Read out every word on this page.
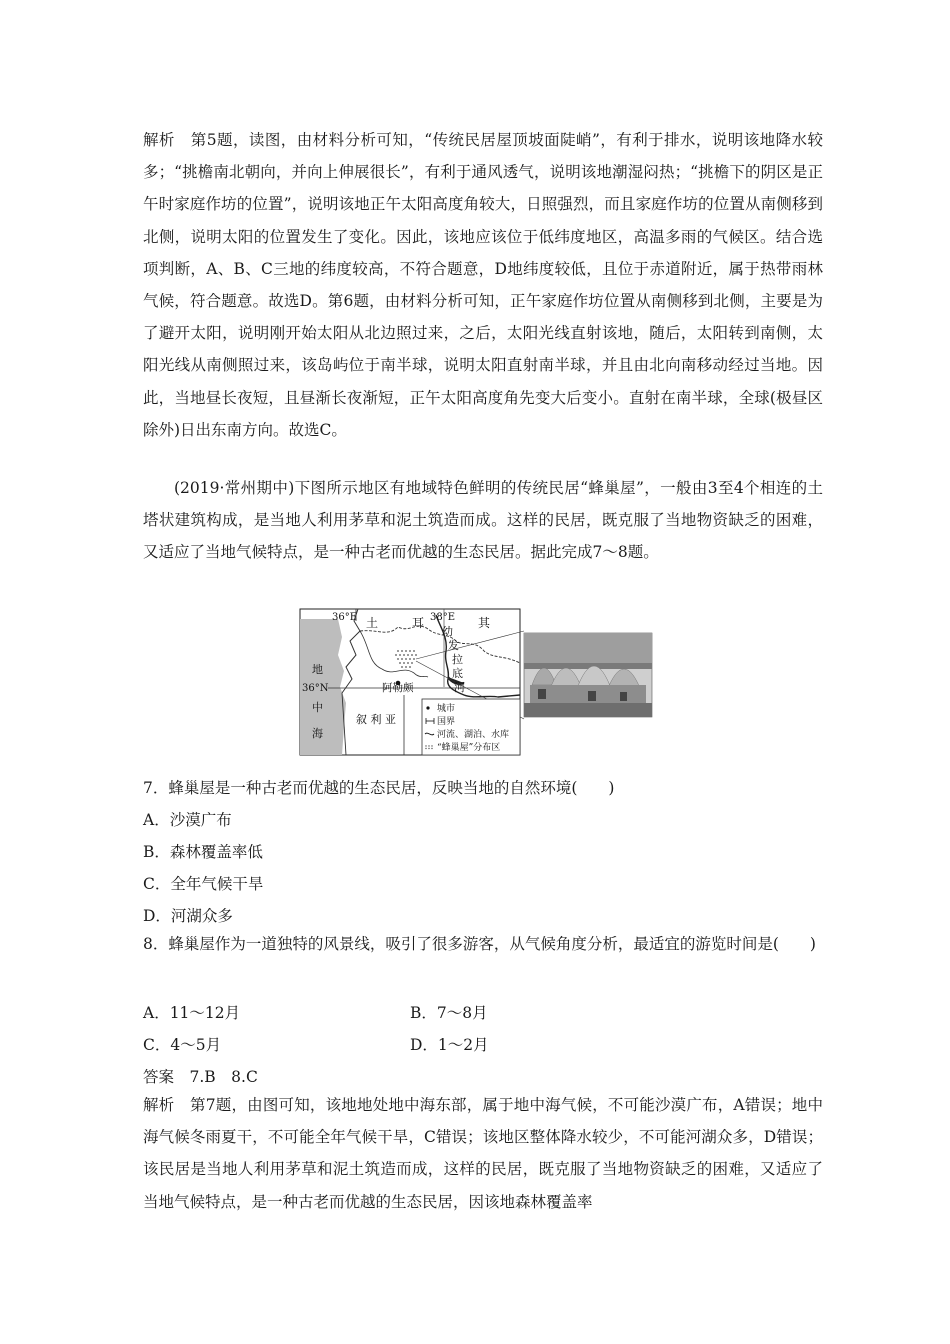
解析　第5题，读图，由材料分析可知，“传统民居屋顶坡面陡峭”，有利于排水，说明该地降水较多；“挑檐南北朝向，并向上伸展很长”，有利于通风透气，说明该地潮湿闷热；“挑檐下的阴区是正午时家庭作坊的位置”，说明该地正午太阳高度角较大，日照强烈，而且家庭作坊的位置从南侧移到北侧，说明太阳的位置发生了变化。因此，该地应该位于低纬度地区，高温多雨的气候区。结合选项判断，A、B、C三地的纬度较高，不符合题意，D地纬度较低，且位于赤道附近，属于热带雨林气候，符合题意。故选D。第6题，由材料分析可知，正午家庭作坊位置从南侧移到北侧，主要是为了避开太阳，说明刚开始太阳从北边照过来，之后，太阳光线直射该地，随后，太阳转到南侧，太阳光线从南侧照过来，该岛屿位于南半球，说明太阳直射南半球，并且由北向南移动经过当地。因此，当地昼长夜短，且昼渐长夜渐短，正午太阳高度角先变大后变小。直射在南半球，全球(极昼区除外)日出东南方向。故选C。

(2019·常州期中)下图所示地区有地域特色鲜明的传统民居“蜂巢屋”，一般由3至4个相连的土塔状建筑构成，是当地人利用茅草和泥土筑造而成。这样的民居，既克服了当地物资缺乏的困难，又适应了当地气候特点，是一种古老而优越的生态民居。据此完成7～8题。

36°E	38°E
36°N
地
中
海
土	耳	其
幼
发
拉
底
河
阿勒颇
叙 利 亚
城市
国界
河流、湖泊、水库
“蜂巢屋”分布区

7．蜂巢屋是一种古老而优越的生态民居，反映当地的自然环境(　　)

A．沙漠广布

B．森林覆盖率低

C．全年气候干旱

D．河湖众多

8．蜂巢屋作为一道独特的风景线，吸引了很多游客，从气候角度分析，最适宜的游览时间是(　　)

A．11～12月	B．7～8月
C．4～5月	D．1～2月

答案　7.B　8.C

解析　第7题，由图可知，该地地处地中海东部，属于地中海气候，不可能沙漠广布，A错误；地中海气候冬雨夏干，不可能全年气候干旱，C错误；该地区整体降水较少，不可能河湖众多，D错误；该民居是当地人利用茅草和泥土筑造而成，这样的民居，既克服了当地物资缺乏的困难，又适应了当地气候特点，是一种古老而优越的生态民居，因该地森林覆盖率
